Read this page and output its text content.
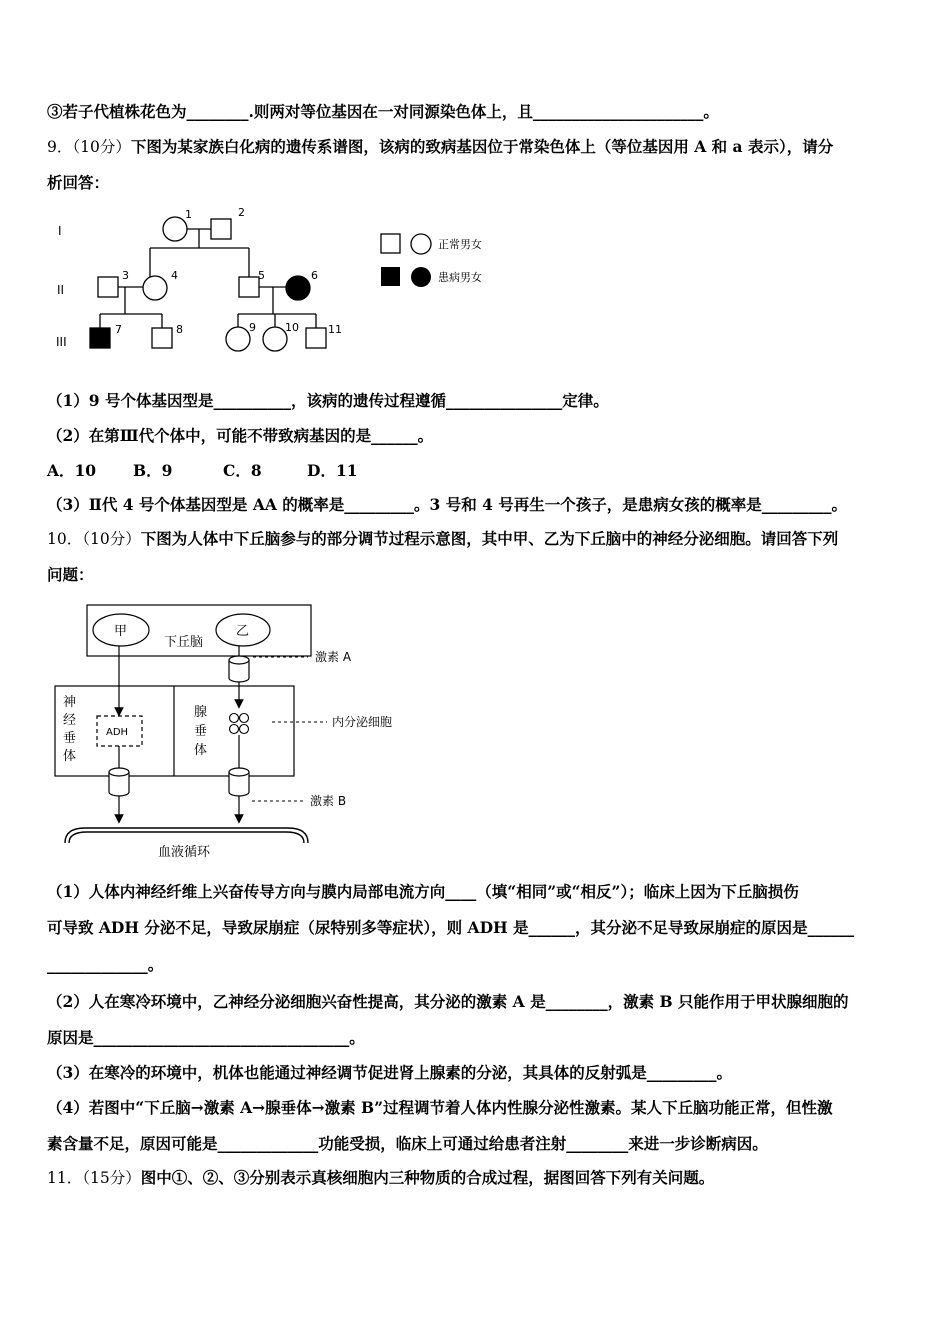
③若子代植株花色为________.则两对等位基因在一对同源染色体上，且______________________。
9．（10分）下图为某家族白化病的遗传系谱图，该病的致病基因位于常染色体上（等位基因用 A 和 a 表示），请分
析回答：
I
II
III
1	2
3	4	5	6
7	8	9	10	11
正常男女
患病男女
（1）9 号个体基因型是__________，该病的遗传过程遵循_______________定律。
（2）在第Ⅲ代个体中，可能不带致病基因的是______。
A．10 B．9	C．8	D．11
（3）Ⅱ代 4 号个体基因型是 AA 的概率是_________。3 号和 4 号再生一个孩子，是患病女孩的概率是_________。
10．（10分）下图为人体中下丘脑参与的部分调节过程示意图，其中甲、乙为下丘脑中的神经分泌细胞。请回答下列
问题：
甲	乙
下丘脑
神
经
垂
体
腺
垂
体
ADH
激素 A
内分泌细胞
激素 B
血液循环
（1）人体内神经纤维上兴奋传导方向与膜内局部电流方向____（填“相同”或“相反”）；临床上因为下丘脑损伤
可导致 ADH 分泌不足，导致尿崩症（尿特别多等症状），则 ADH 是______，其分泌不足导致尿崩症的原因是______
_____________。
（2）人在寒冷环境中，乙神经分泌细胞兴奋性提高，其分泌的激素 A 是________，激素 B 只能作用于甲状腺细胞的
原因是_________________________________。
（3）在寒冷的环境中，机体也能通过神经调节促进肾上腺素的分泌，其具体的反射弧是_________。
（4）若图中“下丘脑→激素 A→腺垂体→激素 B”过程调节着人体内性腺分泌性激素。某人下丘脑功能正常，但性激
素含量不足，原因可能是_____________功能受损，临床上可通过给患者注射________来进一步诊断病因。
11．（15分）图中①、②、③分别表示真核细胞内三种物质的合成过程，据图回答下列有关问题。
